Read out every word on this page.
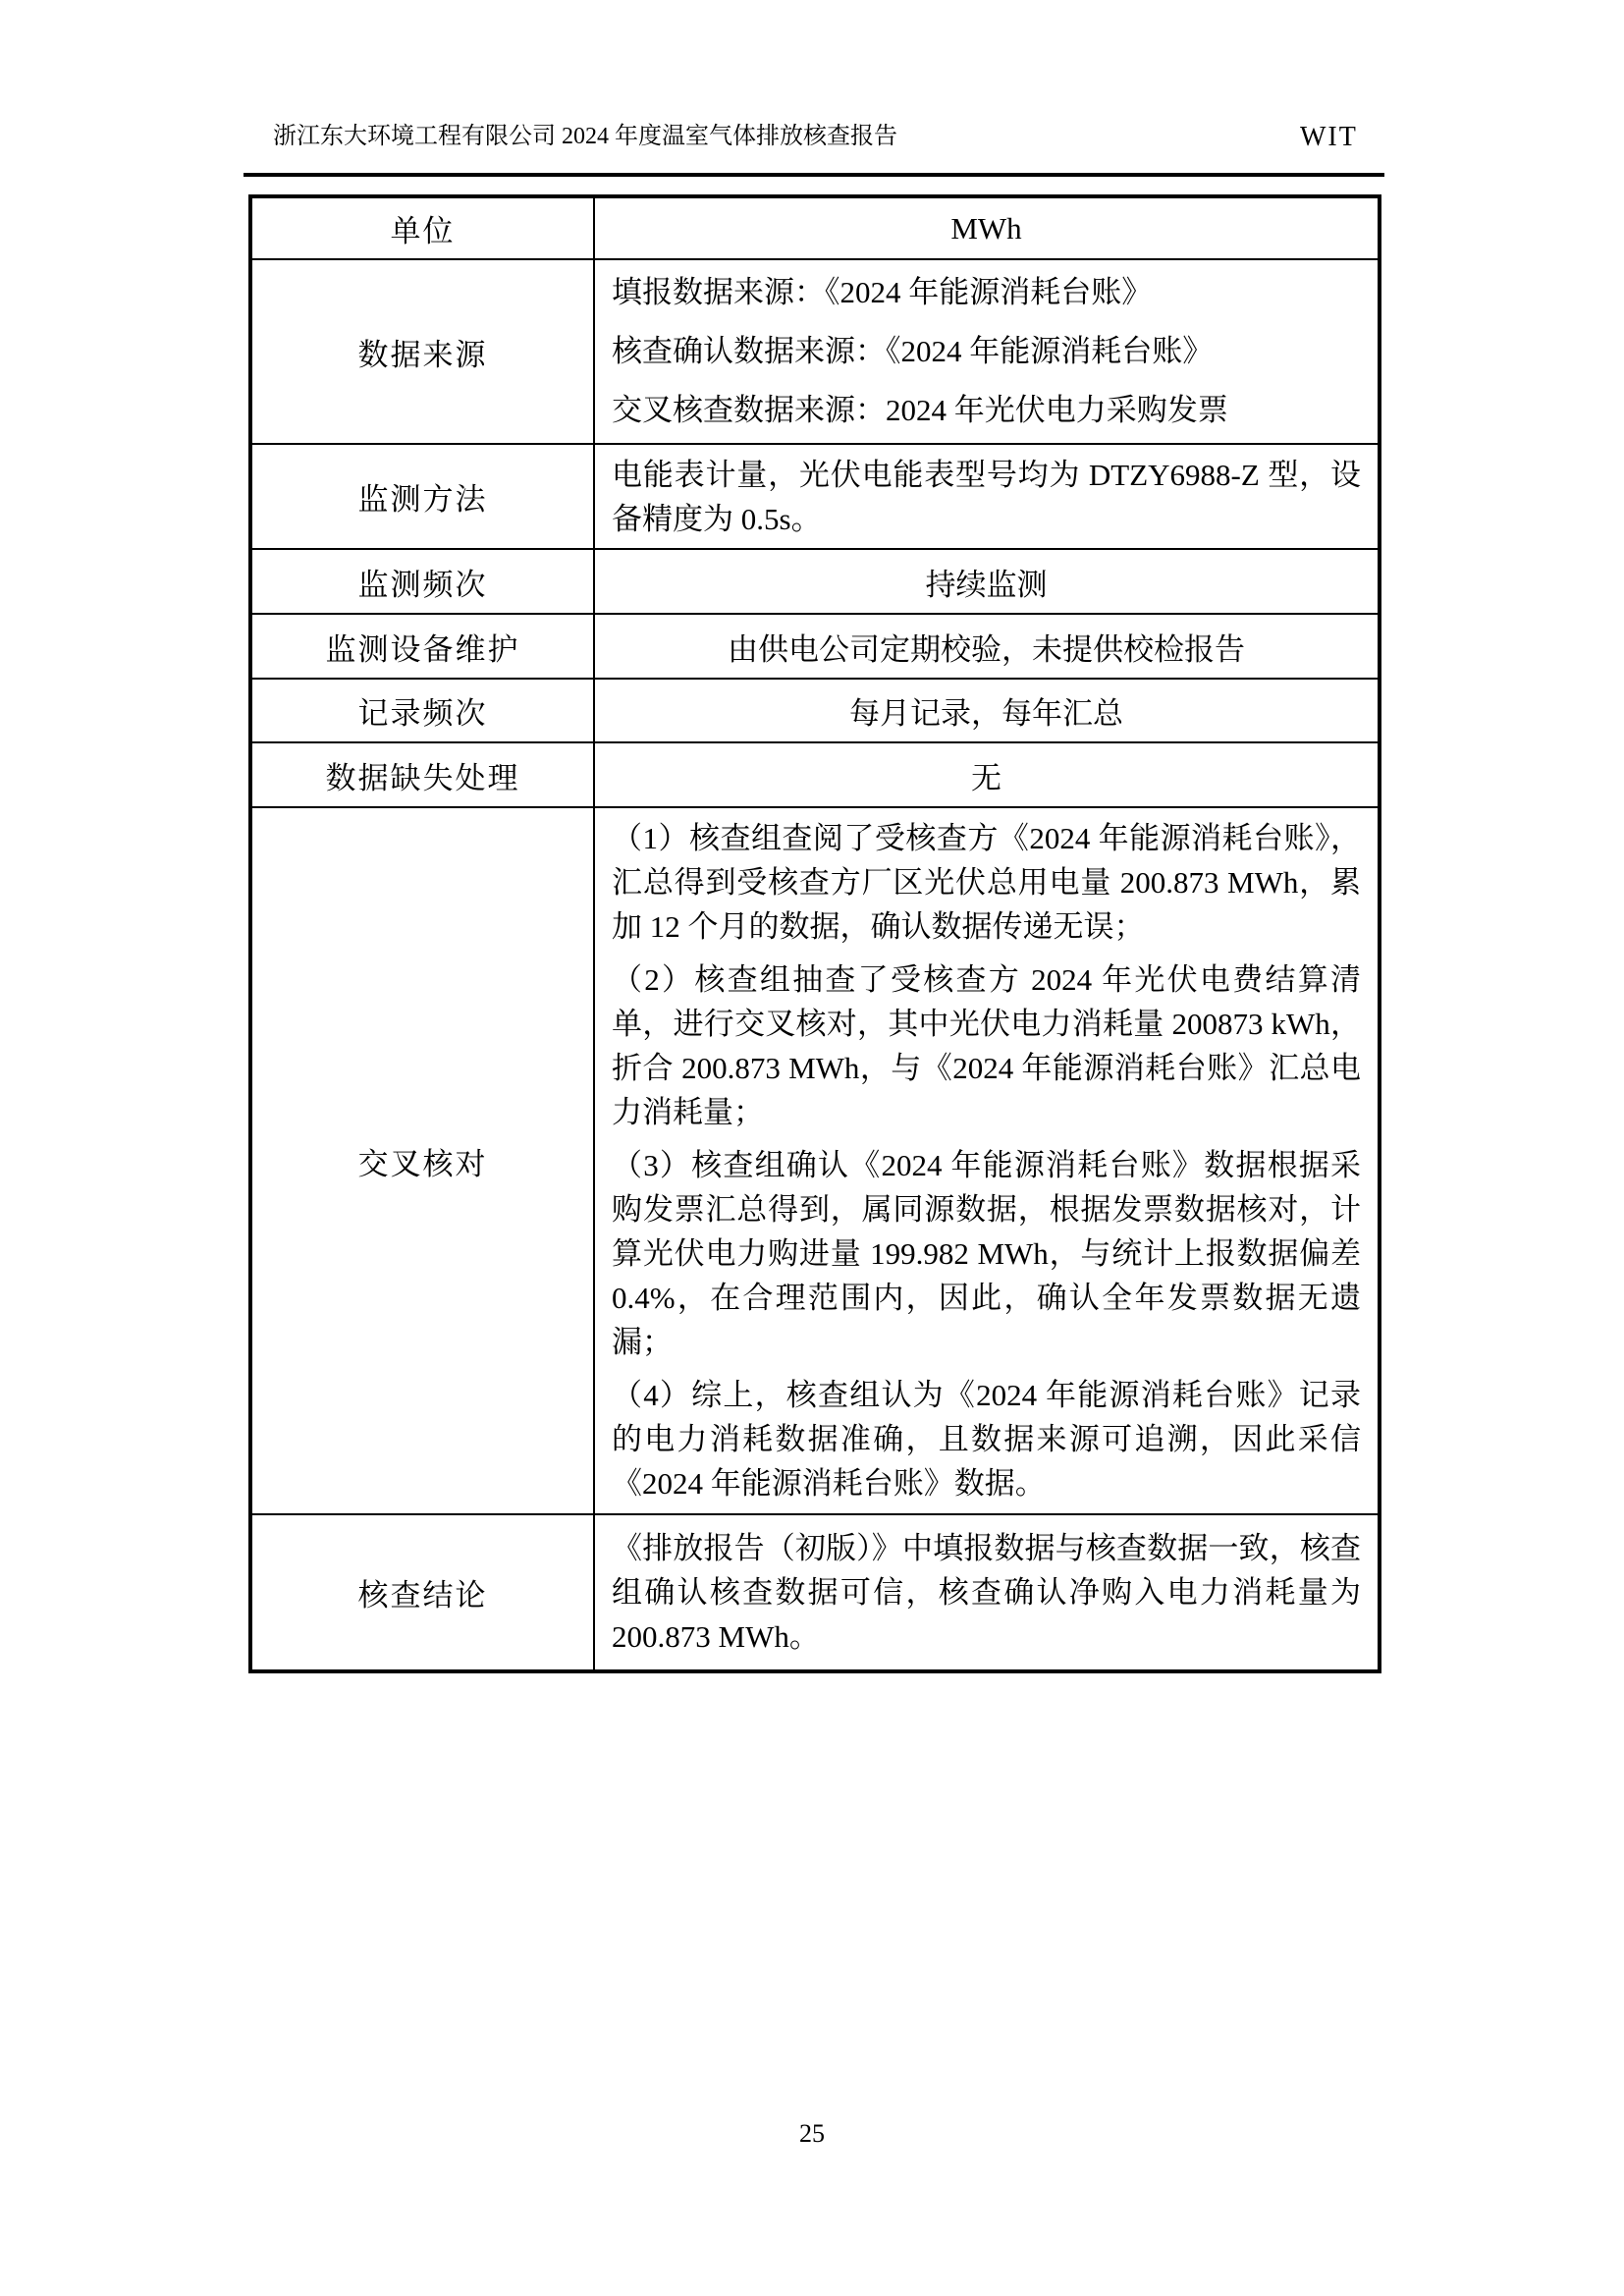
浙江东大环境工程有限公司 2024 年度温室气体排放核查报告	WIT
单位	MWh
数据来源	填报数据来源：《2024 年能源消耗台账》

核查确认数据来源：《2024 年能源消耗台账》

交叉核查数据来源：2024 年光伏电力采购发票

监测方法	电能表计量，光伏电能表型号均为 DTZY6988-Z 型，设备精度为 0.5s。
监测频次	持续监测
监测设备维护	由供电公司定期校验，未提供校检报告
记录频次	每月记录，每年汇总
数据缺失处理	无
交叉核对	（1）核查组查阅了受核查方《2024 年能源消耗台账》，汇总得到受核查方厂区光伏总用电量 200.873 MWh，累加 12 个月的数据，确认数据传递无误；

（2）核查组抽查了受核查方 2024 年光伏电费结算清单，进行交叉核对，其中光伏电力消耗量 200873 kWh，折合 200.873 MWh，与《2024 年能源消耗台账》汇总电力消耗量；

（3）核查组确认《2024 年能源消耗台账》数据根据采购发票汇总得到，属同源数据，根据发票数据核对，计算光伏电力购进量 199.982 MWh，与统计上报数据偏差 0.4%，在合理范围内，因此，确认全年发票数据无遗漏；

（4）综上，核查组认为《2024 年能源消耗台账》记录的电力消耗数据准确，且数据来源可追溯，因此采信《2024 年能源消耗台账》数据。

核查结论	《排放报告（初版）》中填报数据与核查数据一致，核查组确认核查数据可信，核查确认净购入电力消耗量为 200.873 MWh。
25
